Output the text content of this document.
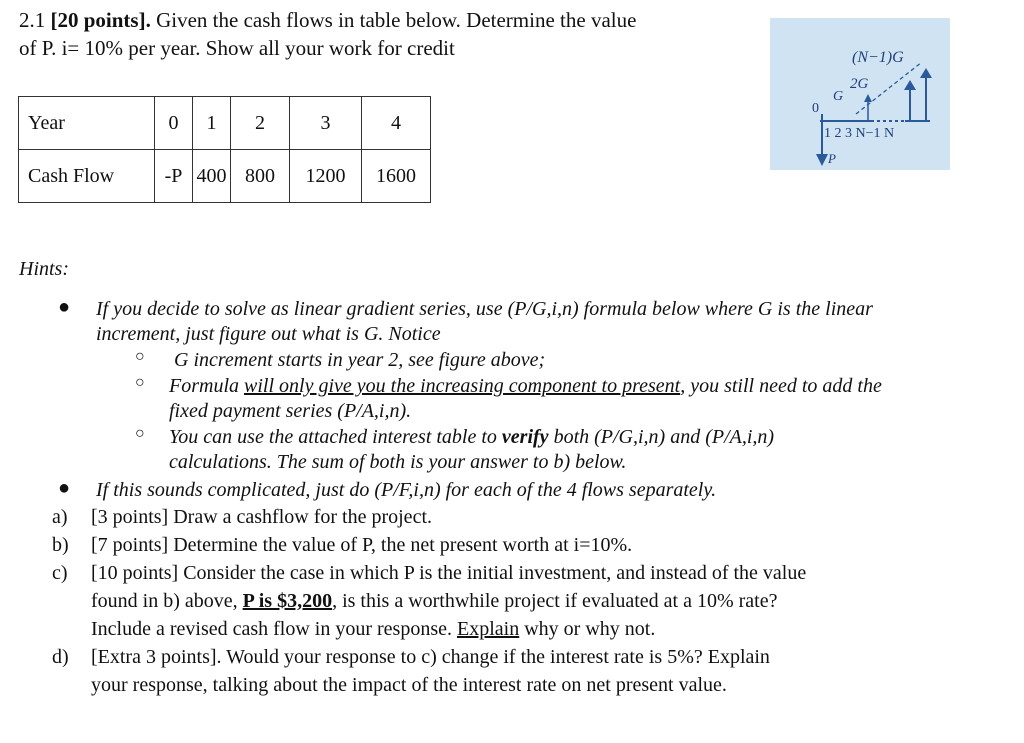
2.1 [20 points]. Given the cash flows in table below. Determine the value
of P. i= 10% per year. Show all your work for credit
Year	0	1	2	3	4
Cash Flow	-P	400	800	1200	1600
(N−1)G
2G
G
0
1 2 3 N−1 N
P
Hints:
● If you decide to solve as linear gradient series, use (P/G,i,n) formula below where G is the linear
increment, just figure out what is G. Notice
○ G increment starts in year 2, see figure above;
○ Formula will only give you the increasing component to present, you still need to add the
fixed payment series (P/A,i,n).
○ You can use the attached interest table to verify both (P/G,i,n) and (P/A,i,n)
calculations. The sum of both is your answer to b) below.
● If this sounds complicated, just do (P/F,i,n) for each of the 4 flows separately.
a) [3 points] Draw a cashflow for the project.
b) [7 points] Determine the value of P, the net present worth at i=10%.
c) [10 points] Consider the case in which P is the initial investment, and instead of the value
found in b) above, P is $3,200, is this a worthwhile project if evaluated at a 10% rate?
Include a revised cash flow in your response. Explain why or why not.
d) [Extra 3 points]. Would your response to c) change if the interest rate is 5%? Explain
your response, talking about the impact of the interest rate on net present value.
